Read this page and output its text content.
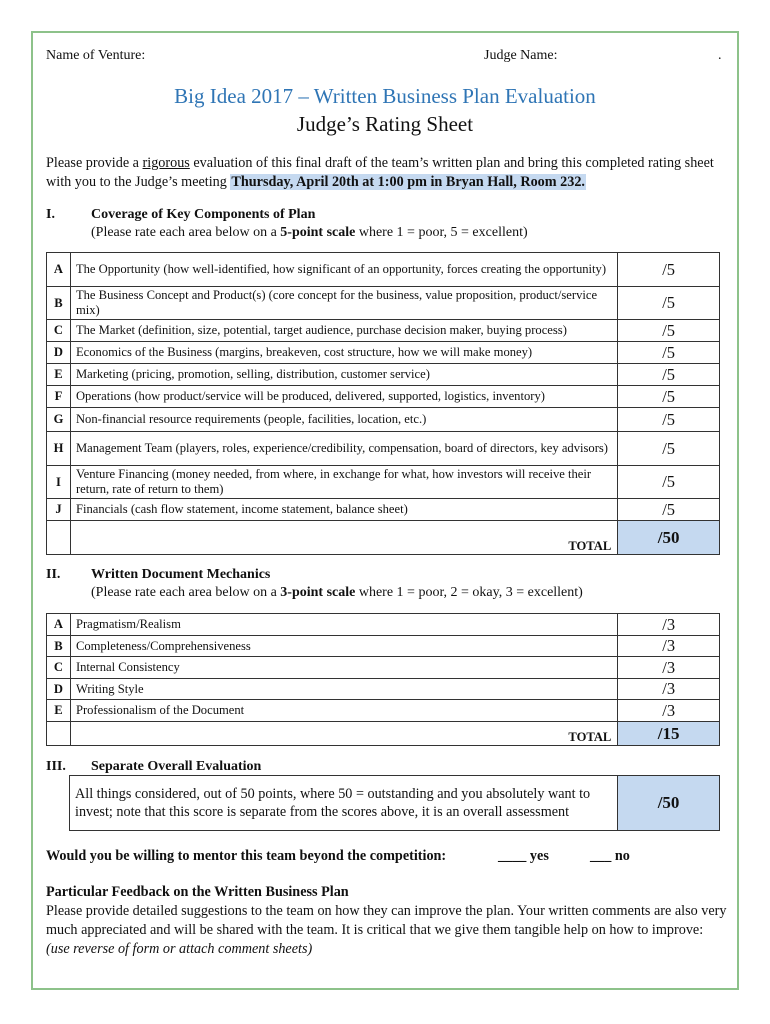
Name of Venture:	Judge Name:	.
Big Idea 2017 – Written Business Plan Evaluation
Judge’s Rating Sheet
Please provide a rigorous evaluation of this final draft of the team’s written plan and bring this completed rating sheet with you to the Judge’s meeting Thursday, April 20th at 1:00 pm in Bryan Hall, Room 232.
I.	Coverage of Key Components of Plan
(Please rate each area below on a 5-point scale where 1 = poor, 5 = excellent)
A	The Opportunity (how well-identified, how significant of an opportunity, forces creating the opportunity)	/5
B	The Business Concept and Product(s) (core concept for the business, value proposition, product/service mix)	/5
C	The Market (definition, size, potential, target audience, purchase decision maker, buying process)	/5
D	Economics of the Business (margins, breakeven, cost structure, how we will make money)	/5
E	Marketing (pricing, promotion, selling, distribution, customer service)	/5
F	Operations (how product/service will be produced, delivered, supported, logistics, inventory)	/5
G	Non-financial resource requirements (people, facilities, location, etc.)	/5
H	Management Team (players, roles, experience/credibility, compensation, board of directors, key advisors)	/5
I	Venture Financing (money needed, from where, in exchange for what, how investors will receive their return, rate of return to them)	/5
J	Financials (cash flow statement, income statement, balance sheet)	/5
	TOTAL	/50
II. Written Document Mechanics
(Please rate each area below on a 3-point scale where 1 = poor, 2 = okay, 3 = excellent)
A	Pragmatism/Realism	/3
B	Completeness/Comprehensiveness	/3
C	Internal Consistency	/3
D	Writing Style	/3
E	Professionalism of the Document	/3
	TOTAL	/15
III. Separate Overall Evaluation
All things considered, out of 50 points, where 50 = outstanding and you absolutely want to invest; note that this score is separate from the scores above, it is an overall assessment	/50
Would you be willing to mentor this team beyond the competition:	____ yes	___ no
Particular Feedback on the Written Business Plan
Please provide detailed suggestions to the team on how they can improve the plan. Your written comments are also very much appreciated and will be shared with the team. It is critical that we give them tangible help on how to improve: (use reverse of form or attach comment sheets)
